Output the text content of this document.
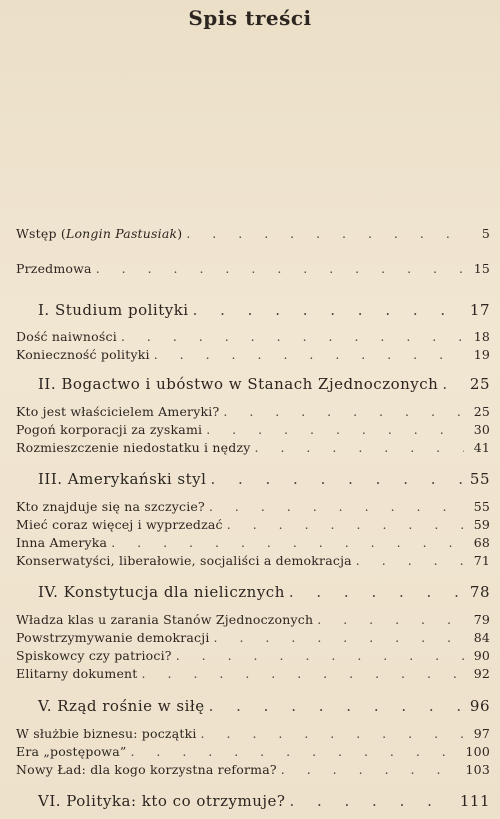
Spis treści
Wstęp (Longin Pastusiak) . . .	5
Przedmowa . . .	15
I. Studium polityki . . .	17
Dość naiwności . . .	18
Konieczność polityki . . .	19
II. Bogactwo i ubóstwo w Stanach Zjednoczonych . . . 25
Kto jest właścicielem Ameryki? . . .	25
Pogoń korporacji za zyskami . . .	30
Rozmieszczenie niedostatku i nędzy . . .	41
III. Amerykański styl . . .	55
Kto znajduje się na szczycie? . . .	55
Mieć coraz więcej i wyprzedzać . . .	59
Inna Ameryka . . .	68
Konserwatyści, liberałowie, socjaliści a demokracja . . .	71
IV. Konstytucja dla nielicznych . . .	78
Władza klas u zarania Stanów Zjednoczonych . . .	79
Powstrzymywanie demokracji . . .	84
Spiskowcy czy patrioci? . . .	90
Elitarny dokument . . .	92
V. Rząd rośnie w siłę . . .	96
W służbie biznesu: początki . . .	97
Era „postępowa” . . .	100
Nowy Ład: dla kogo korzystna reforma? . . .	103
VI. Polityka: kto co otrzymuje? . . .	111
